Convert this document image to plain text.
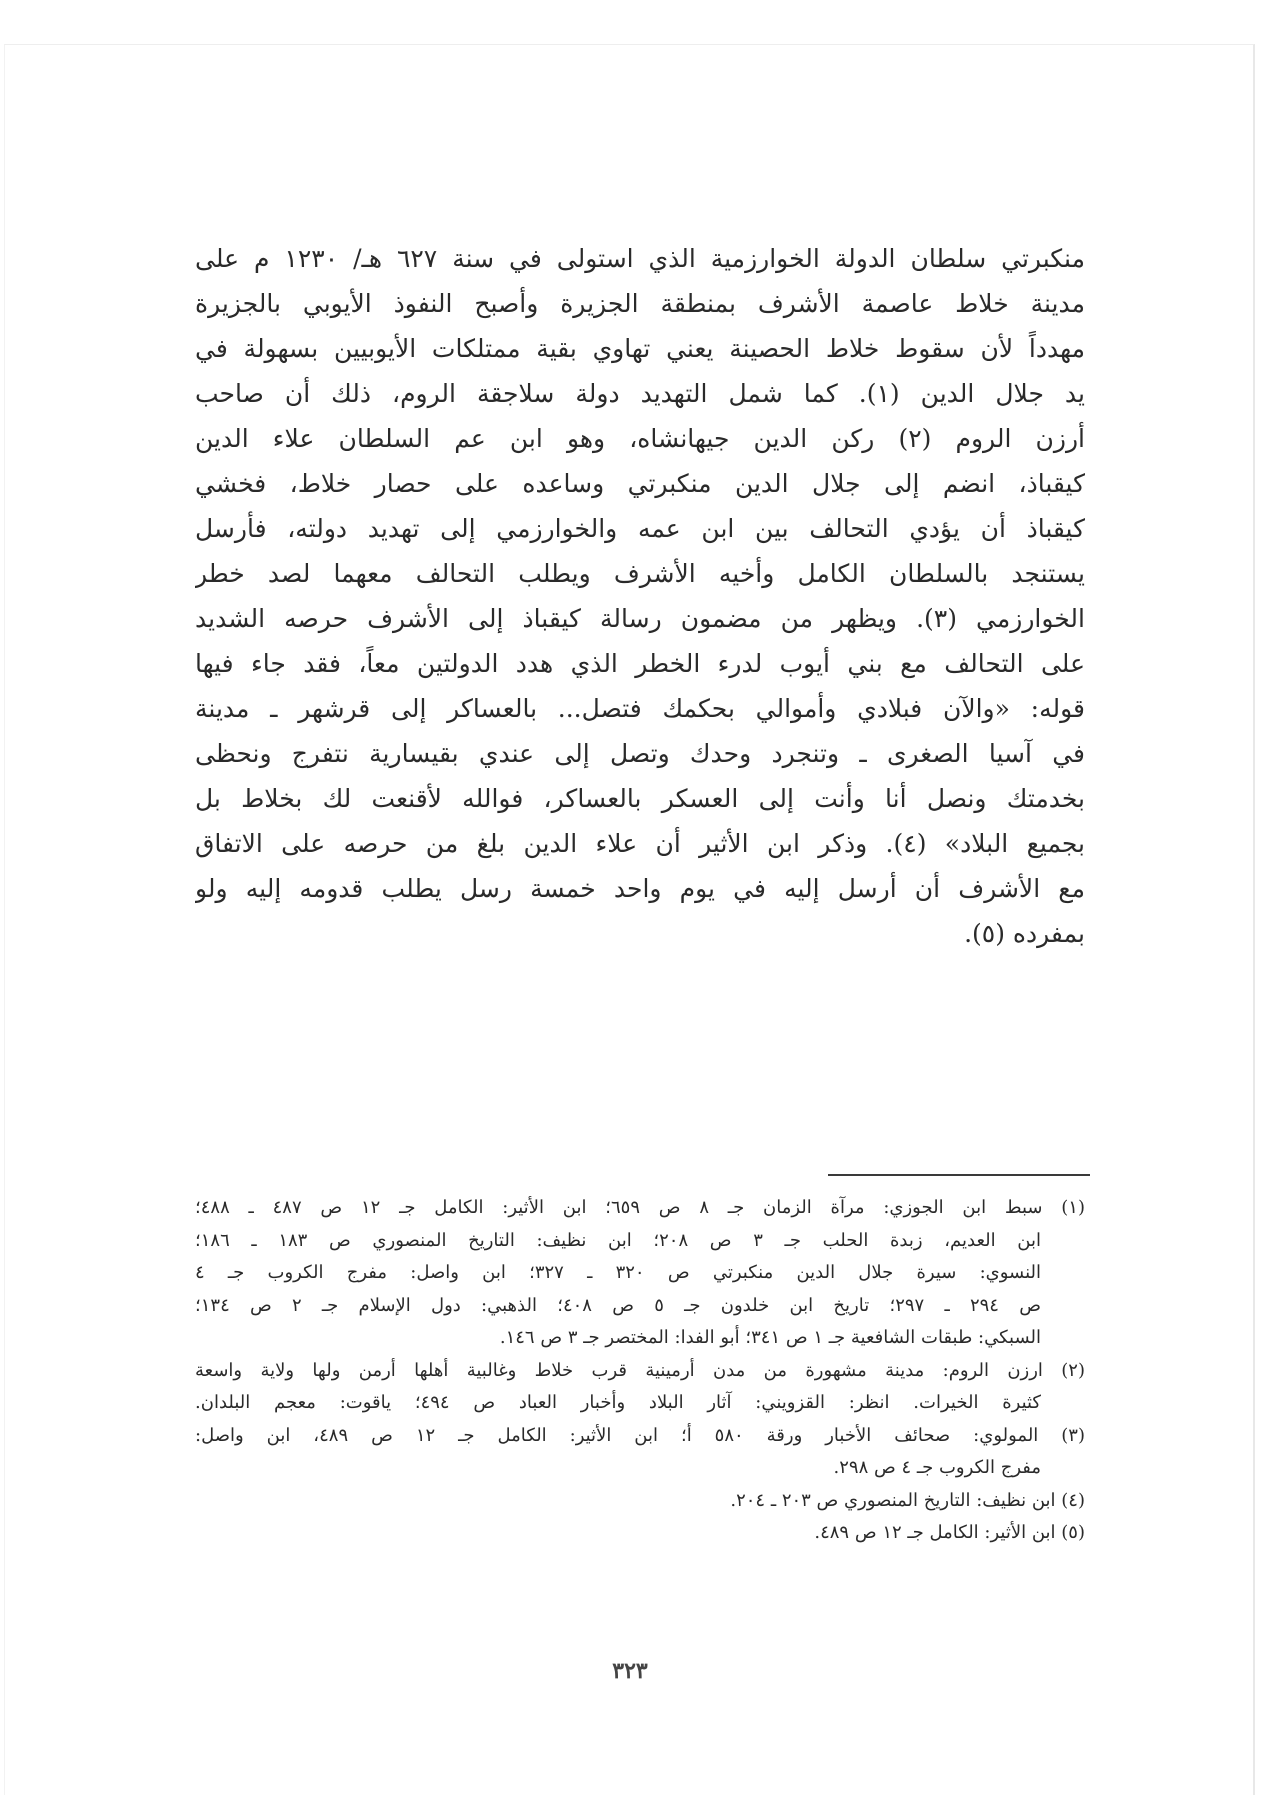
منكبرتي سلطان الدولة الخوارزمية الذي استولى في سنة ٦٢٧ هـ/ ١٢٣٠ م على
مدينة خلاط عاصمة الأشرف بمنطقة الجزيرة وأصبح النفوذ الأيوبي بالجزيرة
مهدداً لأن سقوط خلاط الحصينة يعني تهاوي بقية ممتلكات الأيوبيين بسهولة في
يد جلال الدين (١). كما شمل التهديد دولة سلاجقة الروم، ذلك أن صاحب
أرزن الروم (٢) ركن الدين جيهانشاه، وهو ابن عم السلطان علاء الدين
كيقباذ، انضم إلى جلال الدين منكبرتي وساعده على حصار خلاط، فخشي
كيقباذ أن يؤدي التحالف بين ابن عمه والخوارزمي إلى تهديد دولته، فأرسل
يستنجد بالسلطان الكامل وأخيه الأشرف ويطلب التحالف معهما لصد خطر
الخوارزمي (٣). ويظهر من مضمون رسالة كيقباذ إلى الأشرف حرصه الشديد
على التحالف مع بني أيوب لدرء الخطر الذي هدد الدولتين معاً، فقد جاء فيها
قوله: «والآن فبلادي وأموالي بحكمك فتصل... بالعساكر إلى قرشهر ـ مدينة
في آسيا الصغرى ـ وتنجرد وحدك وتصل إلى عندي بقيسارية نتفرج ونحظى
بخدمتك ونصل أنا وأنت إلى العسكر بالعساكر، فوالله لأقنعت لك بخلاط بل
بجميع البلاد» (٤). وذكر ابن الأثير أن علاء الدين بلغ من حرصه على الاتفاق
مع الأشرف أن أرسل إليه في يوم واحد خمسة رسل يطلب قدومه إليه ولو
بمفرده (٥).
(١) سبط ابن الجوزي: مرآة الزمان جـ ٨ ص ٦٥٩؛ ابن الأثير: الكامل جـ ١٢ ص ٤٨٧ ـ ٤٨٨؛
ابن العديم، زبدة الحلب جـ ٣ ص ٢٠٨؛ ابن نظيف: التاريخ المنصوري ص ١٨٣ ـ ١٨٦؛
النسوي: سيرة جلال الدين منكبرتي ص ٣٢٠ ـ ٣٢٧؛ ابن واصل: مفرج الكروب جـ ٤
ص ٢٩٤ ـ ٢٩٧؛ تاريخ ابن خلدون جـ ٥ ص ٤٠٨؛ الذهبي: دول الإسلام جـ ٢ ص ١٣٤؛
السبكي: طبقات الشافعية جـ ١ ص ٣٤١؛ أبو الفدا: المختصر جـ ٣ ص ١٤٦.
(٢) ارزن الروم: مدينة مشهورة من مدن أرمينية قرب خلاط وغالبية أهلها أرمن ولها ولاية واسعة
كثيرة الخيرات. انظر: القزويني: آثار البلاد وأخبار العباد ص ٤٩٤؛ ياقوت: معجم البلدان.
(٣) المولوي: صحائف الأخبار ورقة ٥٨٠ أ؛ ابن الأثير: الكامل جـ ١٢ ص ٤٨٩، ابن واصل:
مفرج الكروب جـ ٤ ص ٢٩٨.
(٤) ابن نظيف: التاريخ المنصوري ص ٢٠٣ ـ ٢٠٤.
(٥) ابن الأثير: الكامل جـ ١٢ ص ٤٨٩.
٣٢٣
